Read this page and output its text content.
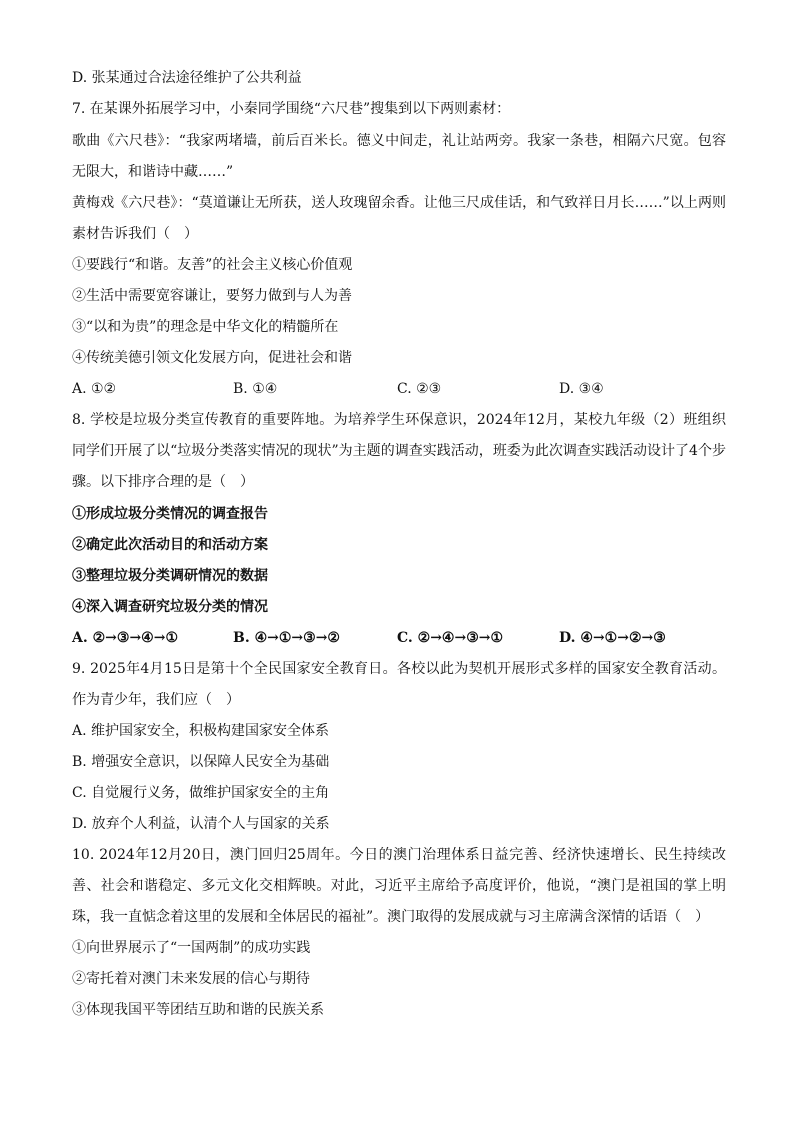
D. 张某通过合法途径维护了公共利益
7. 在某课外拓展学习中，小秦同学围绕“六尺巷”搜集到以下两则素材：
歌曲《六尺巷》：“我家两堵墙，前后百米长。德义中间走，礼让站两旁。我家一条巷，相隔六尺宽。包容无限大，和谐诗中藏……”
黄梅戏《六尺巷》：“莫道谦让无所获，送人玫瑰留余香。让他三尺成佳话，和气致祥日月长……”以上两则素材告诉我们（　）
①要践行“和谐。友善”的社会主义核心价值观
②生活中需要宽容谦让，要努力做到与人为善
③“以和为贵”的理念是中华文化的精髓所在
④传统美德引领文化发展方向，促进社会和谐
A. ①②	B. ①④	C. ②③	D. ③④
8. 学校是垃圾分类宣传教育的重要阵地。为培养学生环保意识，2024年12月，某校九年级（2）班组织同学们开展了以“垃圾分类落实情况的现状”为主题的调查实践活动，班委为此次调查实践活动设计了4个步骤。以下排序合理的是（　）
①形成垃圾分类情况的调查报告
②确定此次活动目的和活动方案
③整理垃圾分类调研情况的数据
④深入调查研究垃圾分类的情况
A. ②→③→④→①	B. ④→①→③→②	C. ②→④→③→①	D. ④→①→②→③
9. 2025年4月15日是第十个全民国家安全教育日。各校以此为契机开展形式多样的国家安全教育活动。作为青少年，我们应（　）
A. 维护国家安全，积极构建国家安全体系
B. 增强安全意识，以保障人民安全为基础
C. 自觉履行义务，做维护国家安全的主角
D. 放弃个人利益，认清个人与国家的关系
10. 2024年12月20日，澳门回归25周年。今日的澳门治理体系日益完善、经济快速增长、民生持续改善、社会和谐稳定、多元文化交相辉映。对此，习近平主席给予高度评价，他说，“澳门是祖国的掌上明珠，我一直惦念着这里的发展和全体居民的福祉”。澳门取得的发展成就与习主席满含深情的话语（　）
①向世界展示了“一国两制”的成功实践
②寄托着对澳门未来发展的信心与期待
③体现我国平等团结互助和谐的民族关系
